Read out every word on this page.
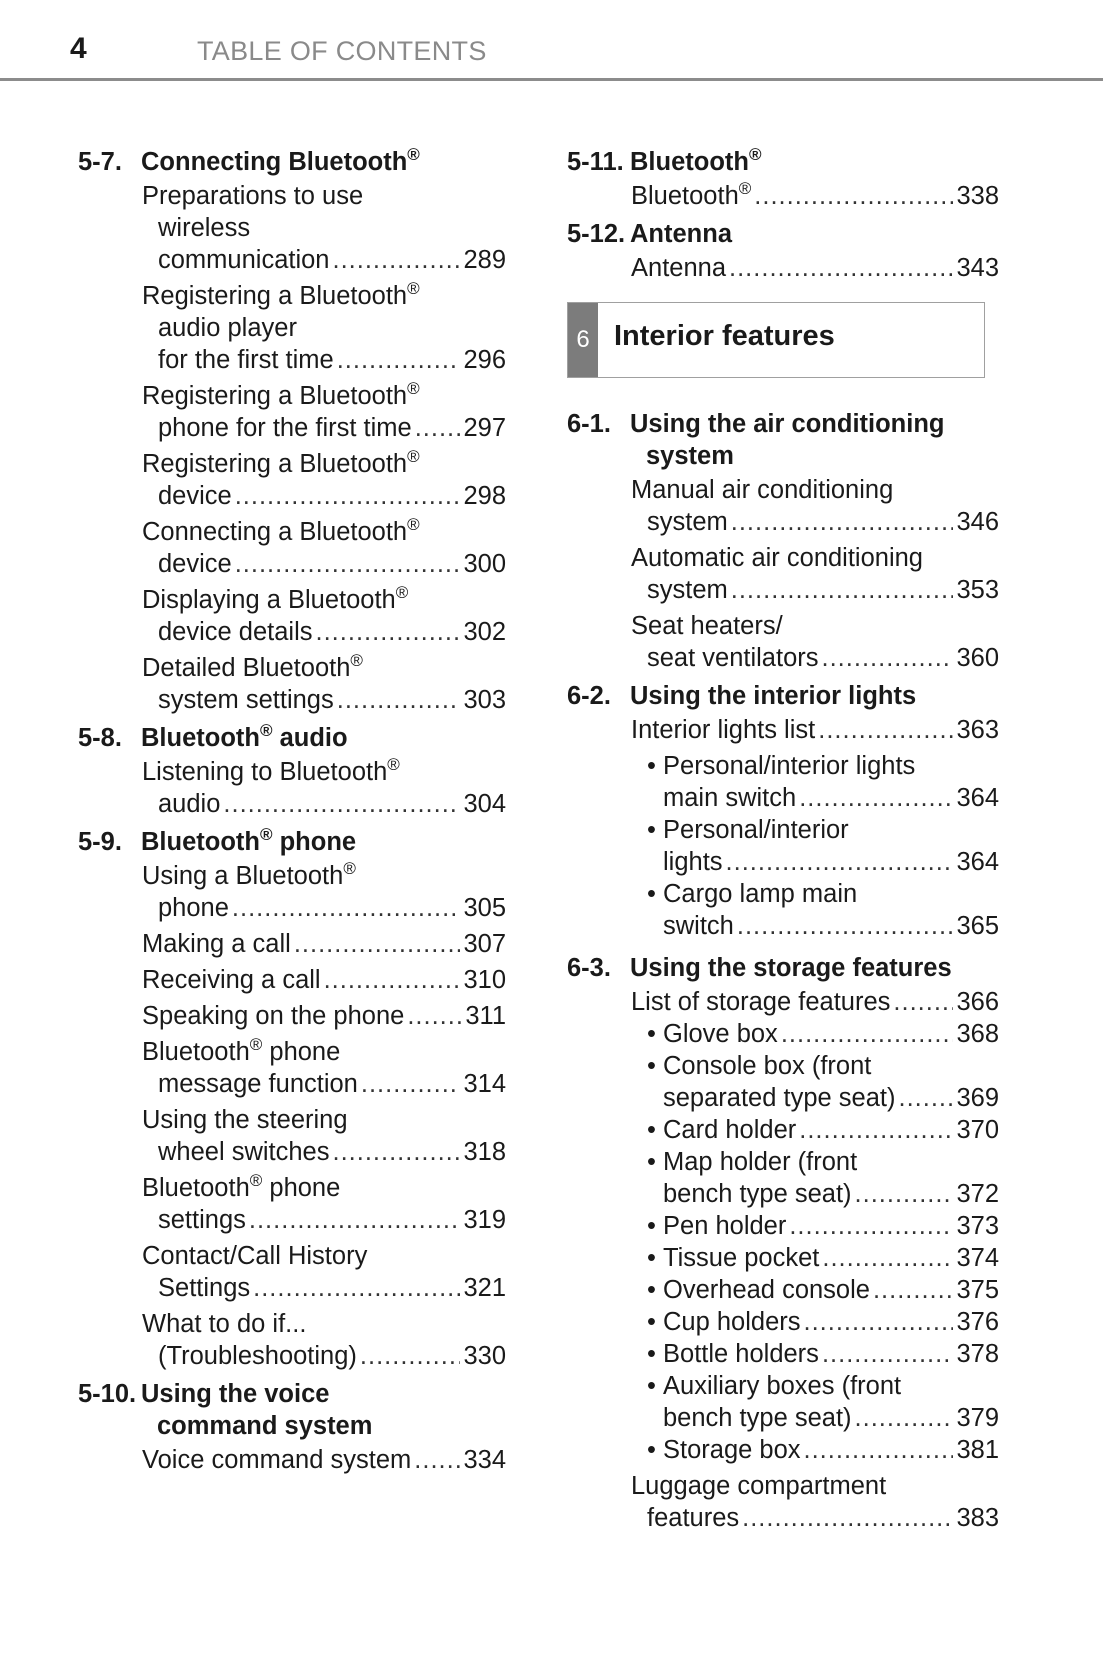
4	TABLE OF CONTENTS
5-7. Connecting Bluetooth®
Preparations to use
wireless
communication .....	289
Registering a Bluetooth®
audio player
for the first time .....	296
Registering a Bluetooth®
phone for the first time ..... 297
Registering a Bluetooth®
device .....	298
Connecting a Bluetooth®
device .....	300
Displaying a Bluetooth®
device details .....	302
Detailed Bluetooth®
system settings .....	303
5-8. Bluetooth® audio
Listening to Bluetooth®
audio .....	304
5-9. Bluetooth® phone
Using a Bluetooth®
phone .....	305
Making a call .....	307
Receiving a call .....	310
Speaking on the phone ..... 311
Bluetooth® phone
message function .....	314
Using the steering
wheel switches .....	318
Bluetooth® phone
settings .....	319
Contact/Call History
Settings .....	321
What to do if...
(Troubleshooting) .....	330
5-10. Using the voice
command system
Voice command system ..... 334
5-11. Bluetooth®
Bluetooth® .....	338
5-12. Antenna
Antenna .....	343
6 Interior features
6-1. Using the air conditioning
system
Manual air conditioning
system .....	346
Automatic air conditioning
system .....	353
Seat heaters/
seat ventilators .....	360
6-2. Using the interior lights
Interior lights list .....	363
• Personal/interior lights
main switch .....	364
• Personal/interior
lights .....	364
• Cargo lamp main
switch .....	365
6-3. Using the storage features
List of storage features .....	366
• Glove box .....	368
• Console box (front
separated type seat) ..... 369
• Card holder .....	370
• Map holder (front
bench type seat) .....	372
• Pen holder .....	373
• Tissue pocket .....	374
• Overhead console .....	375
• Cup holders .....	376
• Bottle holders .....	378
• Auxiliary boxes (front
bench type seat) .....	379
• Storage box .....	381
Luggage compartment
features .....	383
